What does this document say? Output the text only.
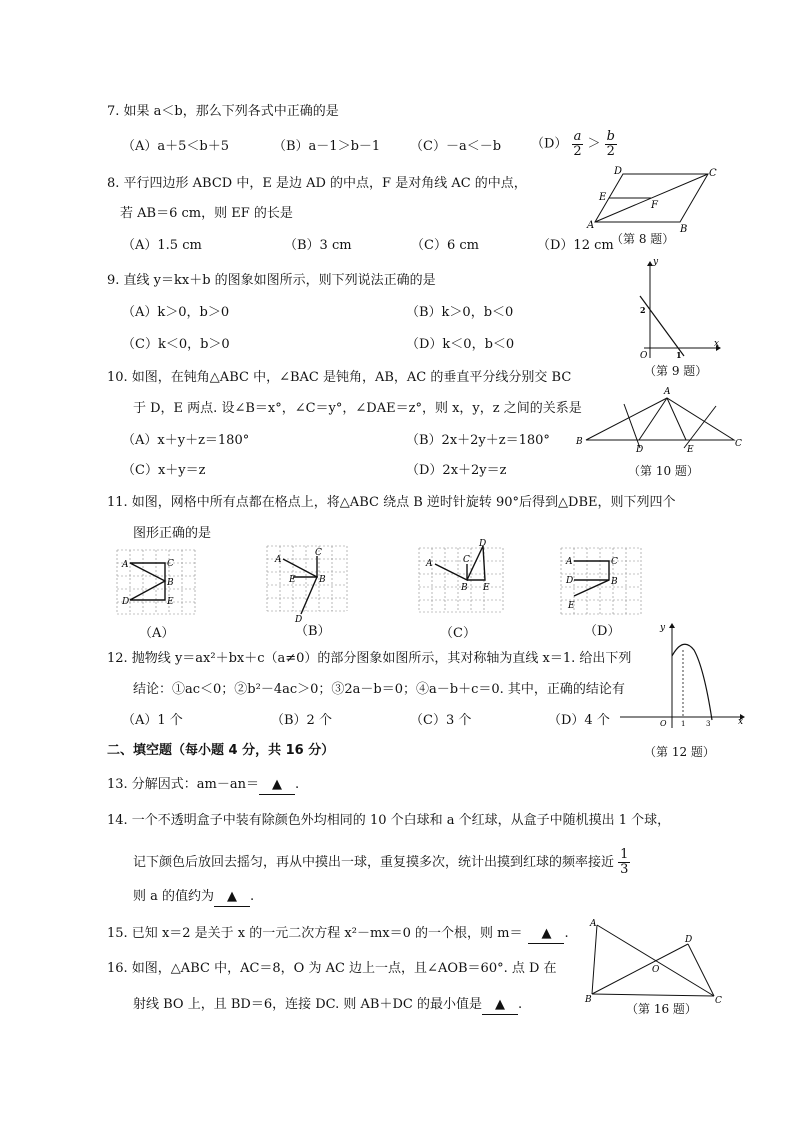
7. 如果 a＜b，那么下列各式中正确的是
（A）a＋5＜b＋5	（B）a－1＞b－1 （C）－a＜－b $(D) \frac{a}{2} > \frac{b}{2}$
8. 平行四边形 ABCD 中，E 是边 AD 的中点，F 是对角线 AC 的中点，
若 AB＝6 cm，则 EF 的长是
（A）1.5 cm	（B）3 cm	（C）6 cm	（D）12 cm
A	B
C
D
E
F
（第 8 题）
9. 直线 y＝kx＋b 的图象如图所示，则下列说法正确的是
（A）k＞0，b＞0	（B）k＞0，b＜0
（C）k＜0，b＞0	（D）k＜0，b＜0
y
x
O
2
1
（第 9 题）
10. 如图，在钝角△ABC 中，∠BAC 是钝角，AB，AC 的垂直平分线分别交 BC
于 D，E 两点. 设∠B＝x°，∠C＝y°，∠DAE＝z°，则 x，y，z 之间的关系是
（A）x＋y＋z＝180°	（B）2x＋2y＋z＝180°
（C）x＋y＝z	（D）2x＋2y＝z
A
B	C
D	E
（第 10 题）
11. 如图，网格中所有点都在格点上，将△ABC 绕点 B 逆时针旋转 90°后得到△DBE，则下列四个
图形正确的是
A	C
B
D	E
（A）
A
C
B
E
D
（B）
A	C
D
B E
（C）
A	C
D	B
E
（D）
12. 抛物线 y＝ax²＋bx＋c（a≠0）的部分图象如图所示，其对称轴为直线 x＝1. 给出下列
结论：①ac＜0；②b²－4ac＞0；③2a－b＝0；④a－b＋c＝0. 其中，正确的结论有
（A）1 个	（B）2 个	（C）3 个	（D）4 个
y
x
O 1	3
（第 12 题）
二、填空题（每小题 4 分，共 16 分）
13. 分解因式：am－an＝ ▲ .
14. 一个不透明盒子中装有除颜色外均相同的 10 个白球和 a 个红球，从盒子中随机摸出 1 个球，
记下颜色后放回去摇匀，再从中摸出一球，重复摸多次，统计出摸到红球的频率接近 $\frac{1}{3}$
则 a 的值约为 ▲ .
15. 已知 x＝2 是关于 x 的一元二次方程 x²－mx＝0 的一个根，则 m＝ ▲ .
16. 如图，△ABC 中，AC＝8，O 为 AC 边上一点，且∠AOB＝60°. 点 D 在
射线 BO 上，且 BD＝6，连接 DC. 则 AB＋DC 的最小值是 ▲ .
A
B	C
D
O
（第 16 题）
